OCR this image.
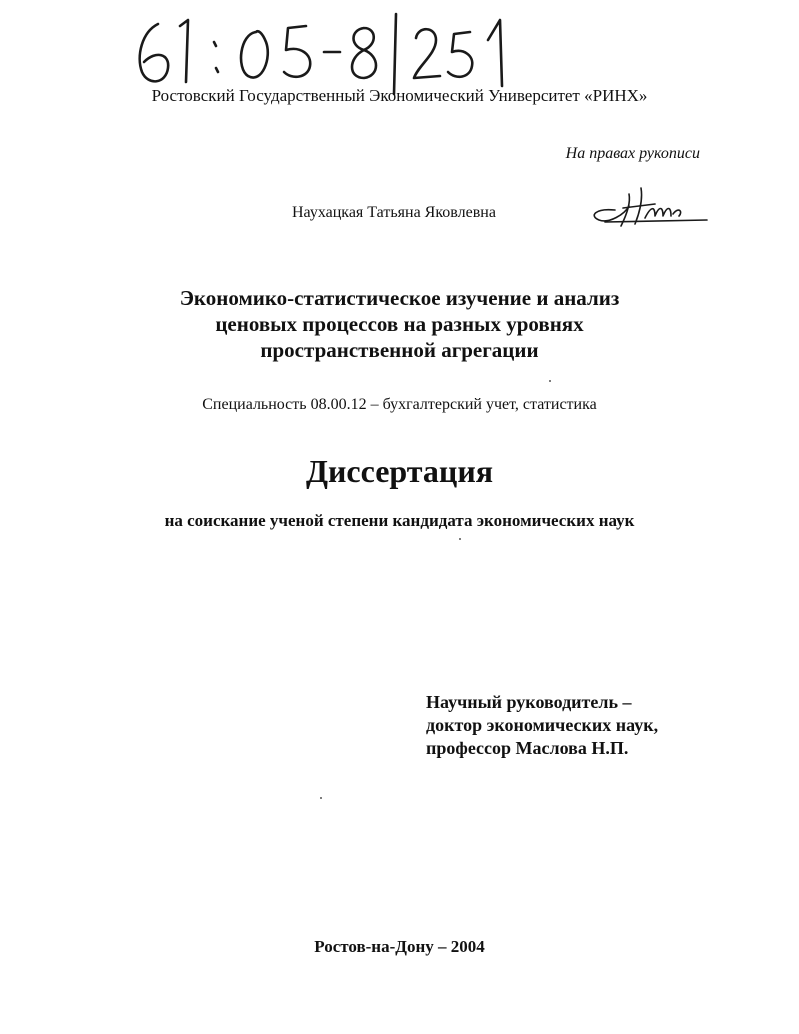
Ростовский Государственный Экономический Университет «РИНХ»
На правах рукописи
Наухацкая Татьяна Яковлевна
Экономико-статистическое изучение и анализ
ценовых процессов на разных уровнях
пространственной агрегации
Специальность 08.00.12 – бухгалтерский учет, статистика
Диссертация
на соискание ученой степени кандидата экономических наук
Научный руководитель –
доктор экономических наук,
профессор Маслова Н.П.
Ростов-на-Дону – 2004
